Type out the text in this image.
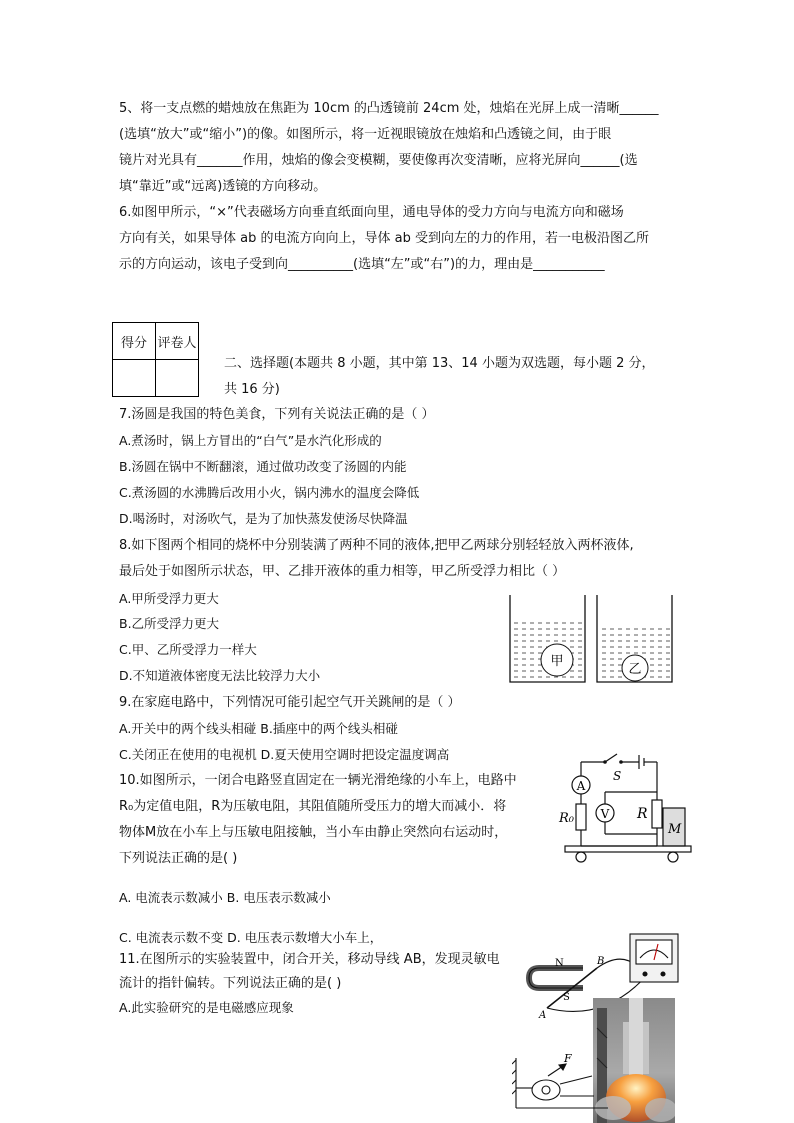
5、将一支点燃的蜡烛放在焦距为 10cm 的凸透镜前 24cm 处，烛焰在光屏上成一清晰______
(选填“放大”或“缩小”)的像。如图所示，将一近视眼镜放在烛焰和凸透镜之间，由于眼
镜片对光具有_______作用，烛焰的像会变模糊，要使像再次变清晰，应将光屏向______(选
填“靠近”或“远离)透镜的方向移动。
6.如图甲所示，“×”代表磁场方向垂直纸面向里，通电导体的受力方向与电流方向和磁场
方向有关，如果导体 ab 的电流方向向上，导体 ab 受到向左的力的作用，若一电极沿图乙所
示的方向运动，该电子受到向__________(选填“左”或“右”)的力，理由是___________
得分	评卷人

二、选择题(本题共 8 小题，其中第 13、14 小题为双选题，每小题 2 分，
共 16 分)
7.汤圆是我国的特色美食，下列有关说法正确的是（ ）
A.煮汤时，锅上方冒出的“白气”是水汽化形成的
B.汤圆在锅中不断翻滚，通过做功改变了汤圆的内能
C.煮汤圆的水沸腾后改用小火，锅内沸水的温度会降低
D.喝汤时，对汤吹气，是为了加快蒸发使汤尽快降温
8.如下图两个相同的烧杯中分别装满了两种不同的液体,把甲乙两球分别轻轻放入两杯液体,
最后处于如图所示状态，甲、乙排开液体的重力相等，甲乙所受浮力相比（ ）
A.甲所受浮力更大
B.乙所受浮力更大
C.甲、乙所受浮力一样大
D.不知道液体密度无法比较浮力大小
甲
乙
9.在家庭电路中，下列情况可能引起空气开关跳闸的是（ ）
A.开关中的两个线头相碰 B.插座中的两个线头相碰
C.关闭正在使用的电视机 D.夏天使用空调时把设定温度调高
10.如图所示，一闭合电路竖直固定在一辆光滑绝缘的小车上，电路中
R₀为定值电阻，R为压敏电阻，其阻值随所受压力的增大而减小．将
物体M放在小车上与压敏电阻接触，当小车由静止突然向右运动时，
下列说法正确的是( )
A. 电流表示数减小 B. 电压表示数减小
C. 电流表示数不变 D. 电压表示数增大小车上，
A
V
S
R
R₀
M
11.在图所示的实验装置中，闭合开关，移动导线 AB，发现灵敏电
流计的指针偏转。下列说法正确的是( )
A.此实验研究的是电磁感应现象
N
S
B
A
F
